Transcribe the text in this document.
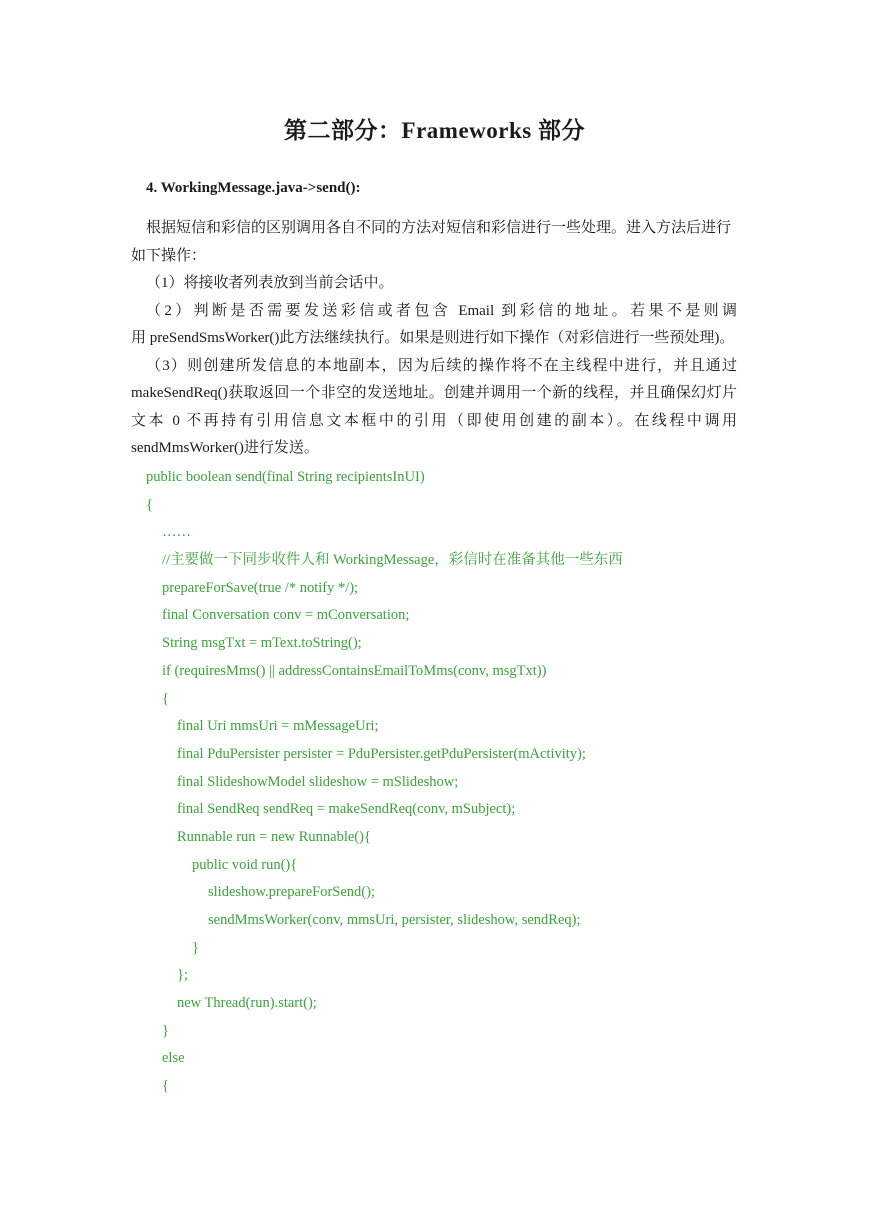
第二部分：Frameworks 部分
4. WorkingMessage.java->send():
根据短信和彩信的区别调用各自不同的方法对短信和彩信进行一些处理。进入方法后进行
如下操作：
（1）将接收者列表放到当前会话中。
（2）判断是否需要发送彩信或者包含 Email 到彩信的地址。若果不是则调
用 preSendSmsWorker()此方法继续执行。如果是则进行如下操作（对彩信进行一些预处理)。
（3）则创建所发信息的本地副本，因为后续的操作将不在主线程中进行，并且通过
makeSendReq()获取返回一个非空的发送地址。创建并调用一个新的线程，并且确保幻灯片
文本 0 不再持有引用信息文本框中的引用（即使用创建的副本）。在线程中调用
sendMmsWorker()进行发送。
public boolean send(final String recipientsInUI)
{
……
//主要做一下同步收件人和 WorkingMessage，彩信时在准备其他一些东西
prepareForSave(true /* notify */);
final Conversation conv = mConversation;
String msgTxt = mText.toString();
if (requiresMms() || addressContainsEmailToMms(conv, msgTxt))
{
final Uri mmsUri = mMessageUri;
final PduPersister persister = PduPersister.getPduPersister(mActivity);
final SlideshowModel slideshow = mSlideshow;
final SendReq sendReq = makeSendReq(conv, mSubject);
Runnable run = new Runnable(){
public void run(){
slideshow.prepareForSend();
sendMmsWorker(conv, mmsUri, persister, slideshow, sendReq);
}
};
new Thread(run).start();
}
else
{
